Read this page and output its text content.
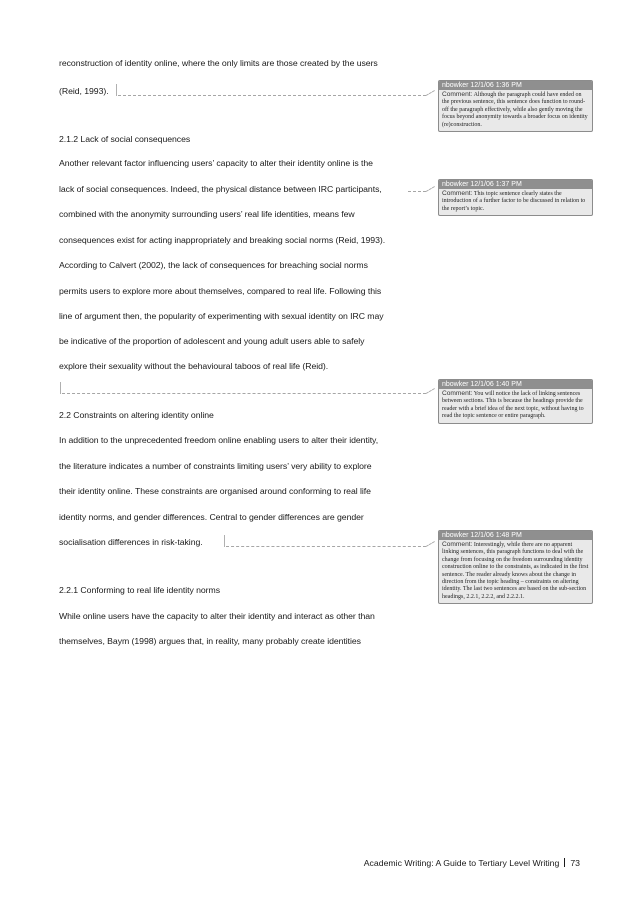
reconstruction of identity online, where the only limits are those created by the users
(Reid, 1993).
2.1.2 Lack of social consequences
Another relevant factor influencing users’ capacity to alter their identity online is the
lack of social consequences. Indeed, the physical distance between IRC participants,
combined with the anonymity surrounding users’ real life identities, means few
consequences exist for acting inappropriately and breaking social norms (Reid, 1993).
According to Calvert (2002), the lack of consequences for breaching social norms
permits users to explore more about themselves, compared to real life. Following this
line of argument then, the popularity of experimenting with sexual identity on IRC may
be indicative of the proportion of adolescent and young adult users able to safely
explore their sexuality without the behavioural taboos of real life (Reid).
2.2 Constraints on altering identity online
In addition to the unprecedented freedom online enabling users to alter their identity,
the literature indicates a number of constraints limiting users’ very ability to explore
their identity online. These constraints are organised around conforming to real life
identity norms, and gender differences. Central to gender differences are gender
socialisation differences in risk-taking.
2.2.1 Conforming to real life identity norms
While online users have the capacity to alter their identity and interact as other than
themselves, Baym (1998) argues that, in reality, many probably create identities
nbowker 12/1/06 1:36 PM
Comment: Although the paragraph could have ended on the previous sentence, this sentence does function to round-off the paragraph effectively, while also gently moving the focus beyond anonymity towards a broader focus on identity (re)construction.
nbowker 12/1/06 1:37 PM
Comment: This topic sentence clearly states the introduction of a further factor to be discussed in relation to the report’s topic.
nbowker 12/1/06 1:40 PM
Comment: You will notice the lack of linking sentences between sections. This is because the headings provide the reader with a brief idea of the next topic, without having to read the topic sentence or entire paragraph.
nbowker 12/1/06 1:48 PM
Comment: Interestingly, while there are no apparent linking sentences, this paragraph functions to deal with the change from focusing on the freedom surrounding identity construction online to the constraints, as indicated in the first sentence. The reader already knows about the change in direction from the topic heading – constraints on altering identity. The last two sentences are based on the sub-section headings, 2.2.1, 2.2.2, and 2.2.2.1.
Academic Writing: A Guide to Tertiary Level Writing 73
